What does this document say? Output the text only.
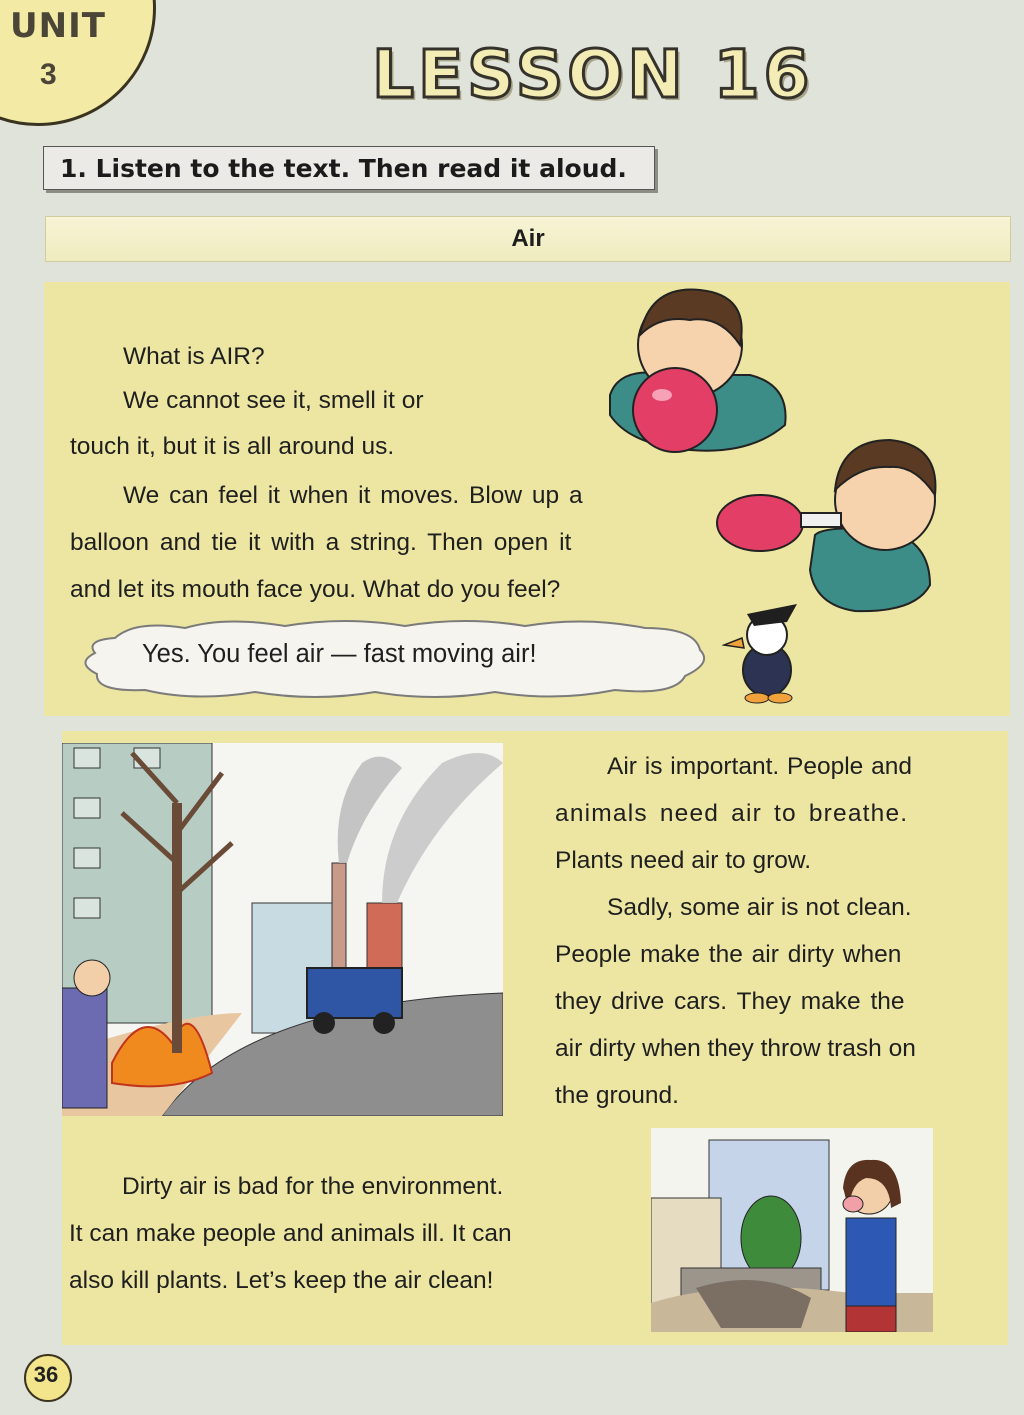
UNIT
3	LESSON 16
1. Listen to the text. Then read it aloud.
Air
What is AIR?
We cannot see it, smell it or
touch it, but it is all around us.
We can feel it when it moves. Blow up a
balloon and tie it with a string. Then open it
and let its mouth face you. What do you feel?
Yes. You feel air — fast moving air!
Air is important. People and
animals need air to breathe.
Plants need air to grow.
Sadly, some air is not clean.
People make the air dirty when
they drive cars. They make the
air dirty when they throw trash on
the ground.
Dirty air is bad for the environment.
It can make people and animals ill. It can
also kill plants. Let’s keep the air clean!
36
